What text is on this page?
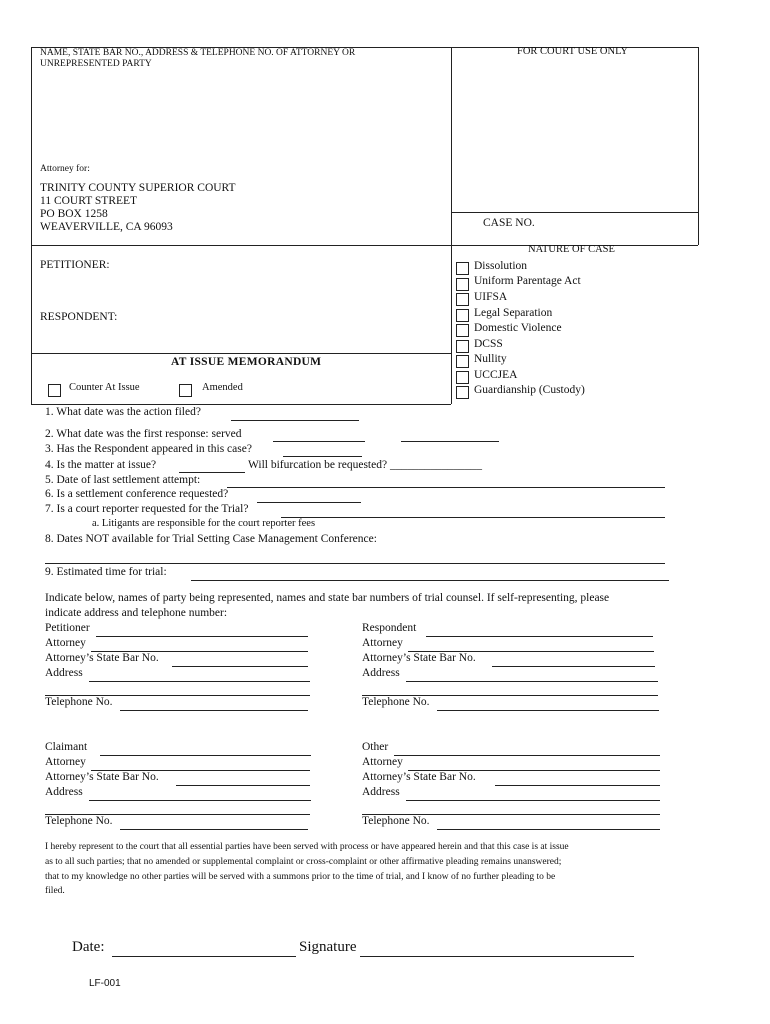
NAME, STATE BAR NO., ADDRESS & TELEPHONE NO. OF ATTORNEY OR
UNREPRESENTED PARTY
FOR COURT USE ONLY
Attorney for:
TRINITY COUNTY SUPERIOR COURT
11 COURT STREET
PO BOX 1258
WEAVERVILLE, CA 96093	CASE NO.
PETITIONER:
RESPONDENT:
AT ISSUE MEMORANDUM
Counter At Issue	Amended
NATURE OF CASE
Dissolution
Uniform Parentage Act
UIFSA
Legal Separation
Domestic Violence
DCSS
Nullity
UCCJEA
Guardianship (Custody)
1. What date was the action filed?
2. What date was the first response: served
3. Has the Respondent appeared in this case?
4. Is the matter at issue?	Will bifurcation be requested? ________________
5. Date of last settlement attempt:
6. Is a settlement conference requested?
7. Is a court reporter requested for the Trial?
a. Litigants are responsible for the court reporter fees
8. Dates NOT available for Trial Setting Case Management Conference:
9. Estimated time for trial:
Indicate below, names of party being represented, names and state bar numbers of trial counsel. If self-representing, please
indicate address and telephone number:
Petitioner
Attorney
Attorney’s State Bar No.
Address
Telephone No.
Respondent
Attorney
Attorney’s State Bar No.
Address
Telephone No.
Claimant
Attorney
Attorney’s State Bar No.
Address
Telephone No.
Other
Attorney
Attorney’s State Bar No.
Address
Telephone No.
I hereby represent to the court that all essential parties have been served with process or have appeared herein and that this case is at issue
as to all such parties; that no amended or supplemental complaint or cross-complaint or other affirmative pleading remains unanswered;
that to my knowledge no other parties will be served with a summons prior to the time of trial, and I know of no further pleading to be
filed.
Date:	Signature
LF-001
